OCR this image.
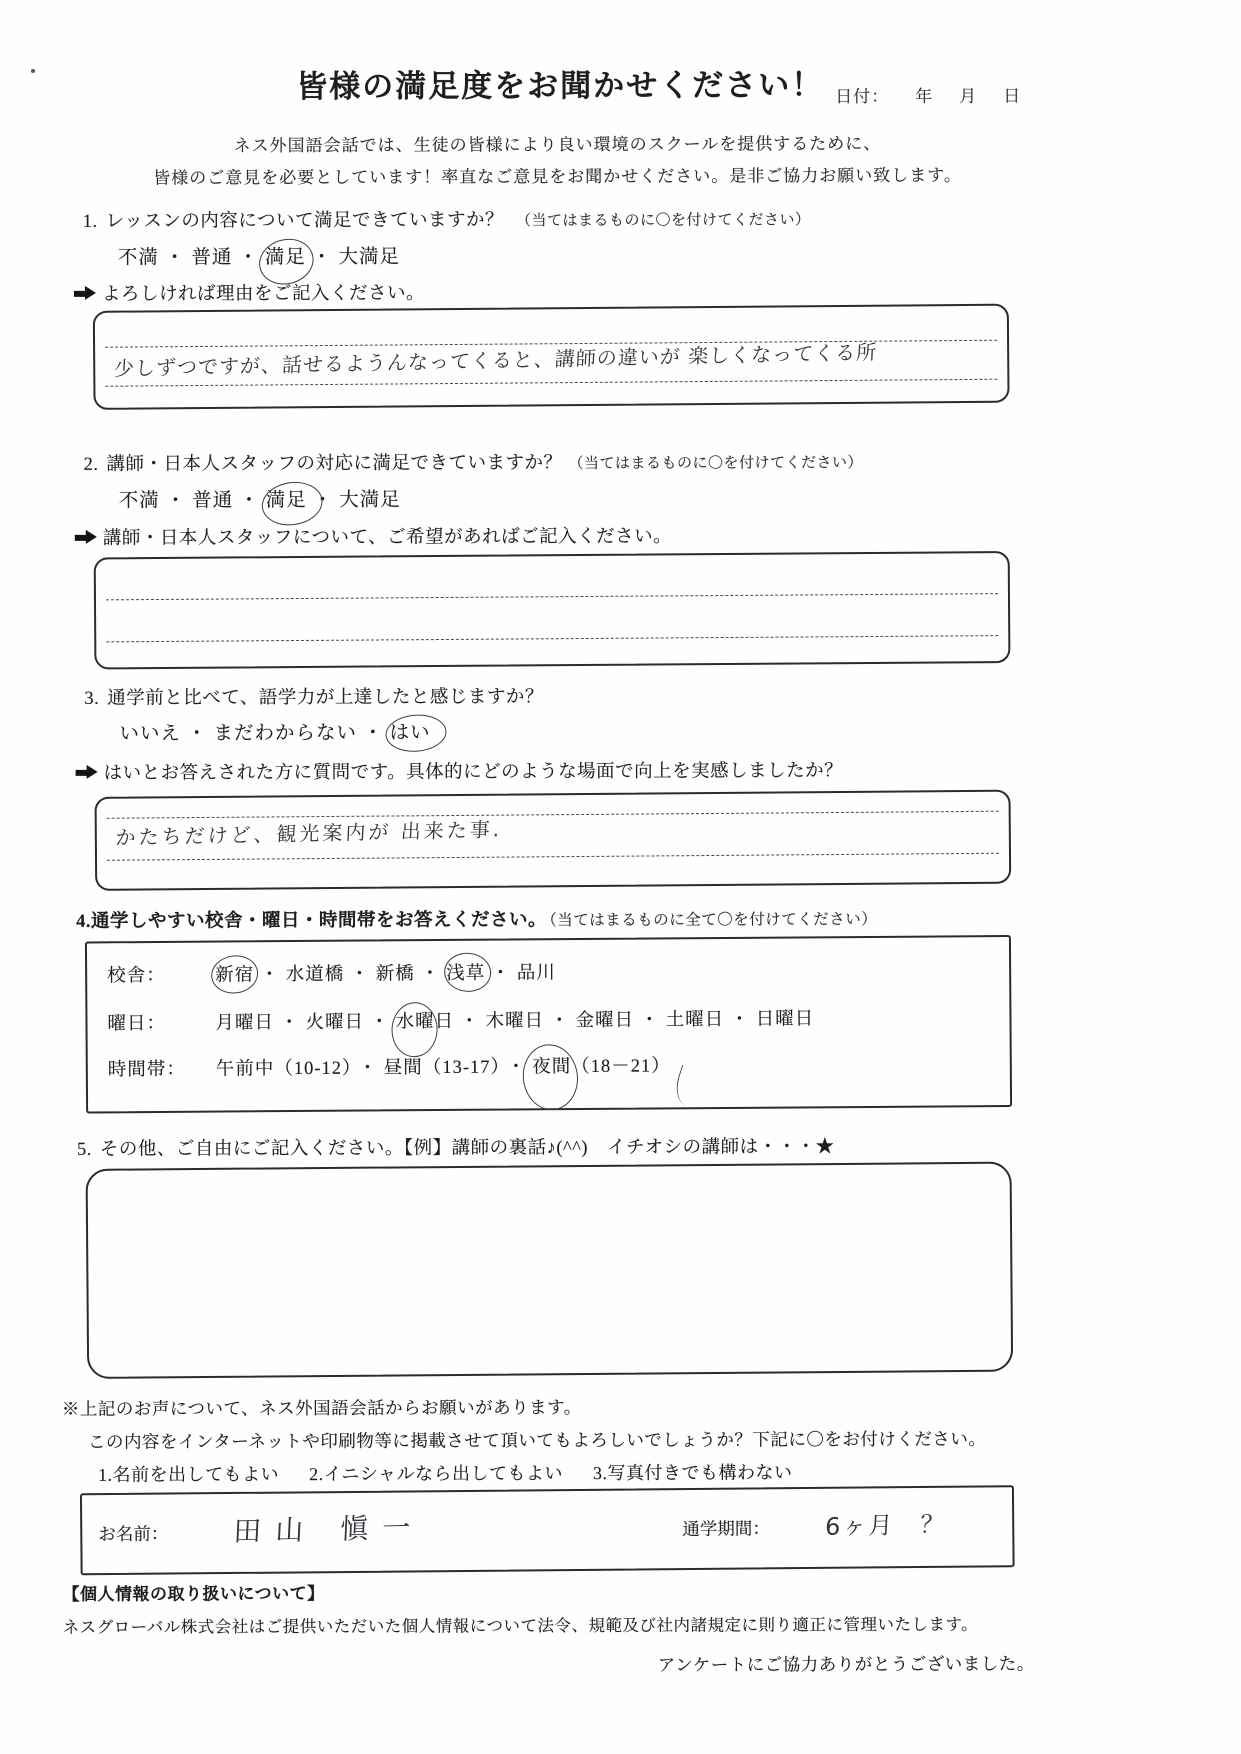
皆様の満足度をお聞かせください！ 日付： 年 月 日
ネス外国語会話では、生徒の皆様により良い環境のスクールを提供するために、
皆様のご意見を必要としています！率直なご意見をお聞かせください。是非ご協力お願い致します。
1. レッスンの内容について満足できていますか？ （当てはまるものに〇を付けてください）
不満 ・ 普通 ・ 満足 ・ 大満足
よろしければ理由をご記入ください。
少しずつですが、話せるようんなってくると、講師の違いが 楽しくなってくる所
2. 講師・日本人スタッフの対応に満足できていますか？ （当てはまるものに〇を付けてください）
不満 ・ 普通 ・ 満足 ・ 大満足
講師・日本人スタッフについて、ご希望があればご記入ください。
3. 通学前と比べて、語学力が上達したと感じますか？
いいえ ・ まだわからない ・ はい
はいとお答えされた方に質問です。具体的にどのような場面で向上を実感しましたか？
かたちだけど、観光案内が 出来た事.
4.通学しやすい校舎・曜日・時間帯をお答えください。 （当てはまるものに全て〇を付けてください）
校舎：	新宿 ・ 水道橋 ・ 新橋 ・ 浅草 ・ 品川
曜日：	月曜日 ・ 火曜日 ・ 水曜日 ・ 木曜日 ・ 金曜日 ・ 土曜日 ・ 日曜日
時間帯： 午前中（10-12） ・ 昼間（13-17） ・ 夜間（18－21）
5. その他、ご自由にご記入ください。【例】講師の裏話♪(^^)　イチオシの講師は・・・★
※上記のお声について、ネス外国語会話からお願いがあります。
この内容をインターネットや印刷物等に掲載させて頂いてもよろしいでしょうか？下記に〇をお付けください。
1.名前を出してもよい 2.イニシャルなら出してもよい 3.写真付きでも構わない
お名前： 田山 愼一	通学期間： 6ヶ月　？
【個人情報の取り扱いについて】
ネスグローバル株式会社はご提供いただいた個人情報について法令、規範及び社内諸規定に則り適正に管理いたします。
アンケートにご協力ありがとうございました。
